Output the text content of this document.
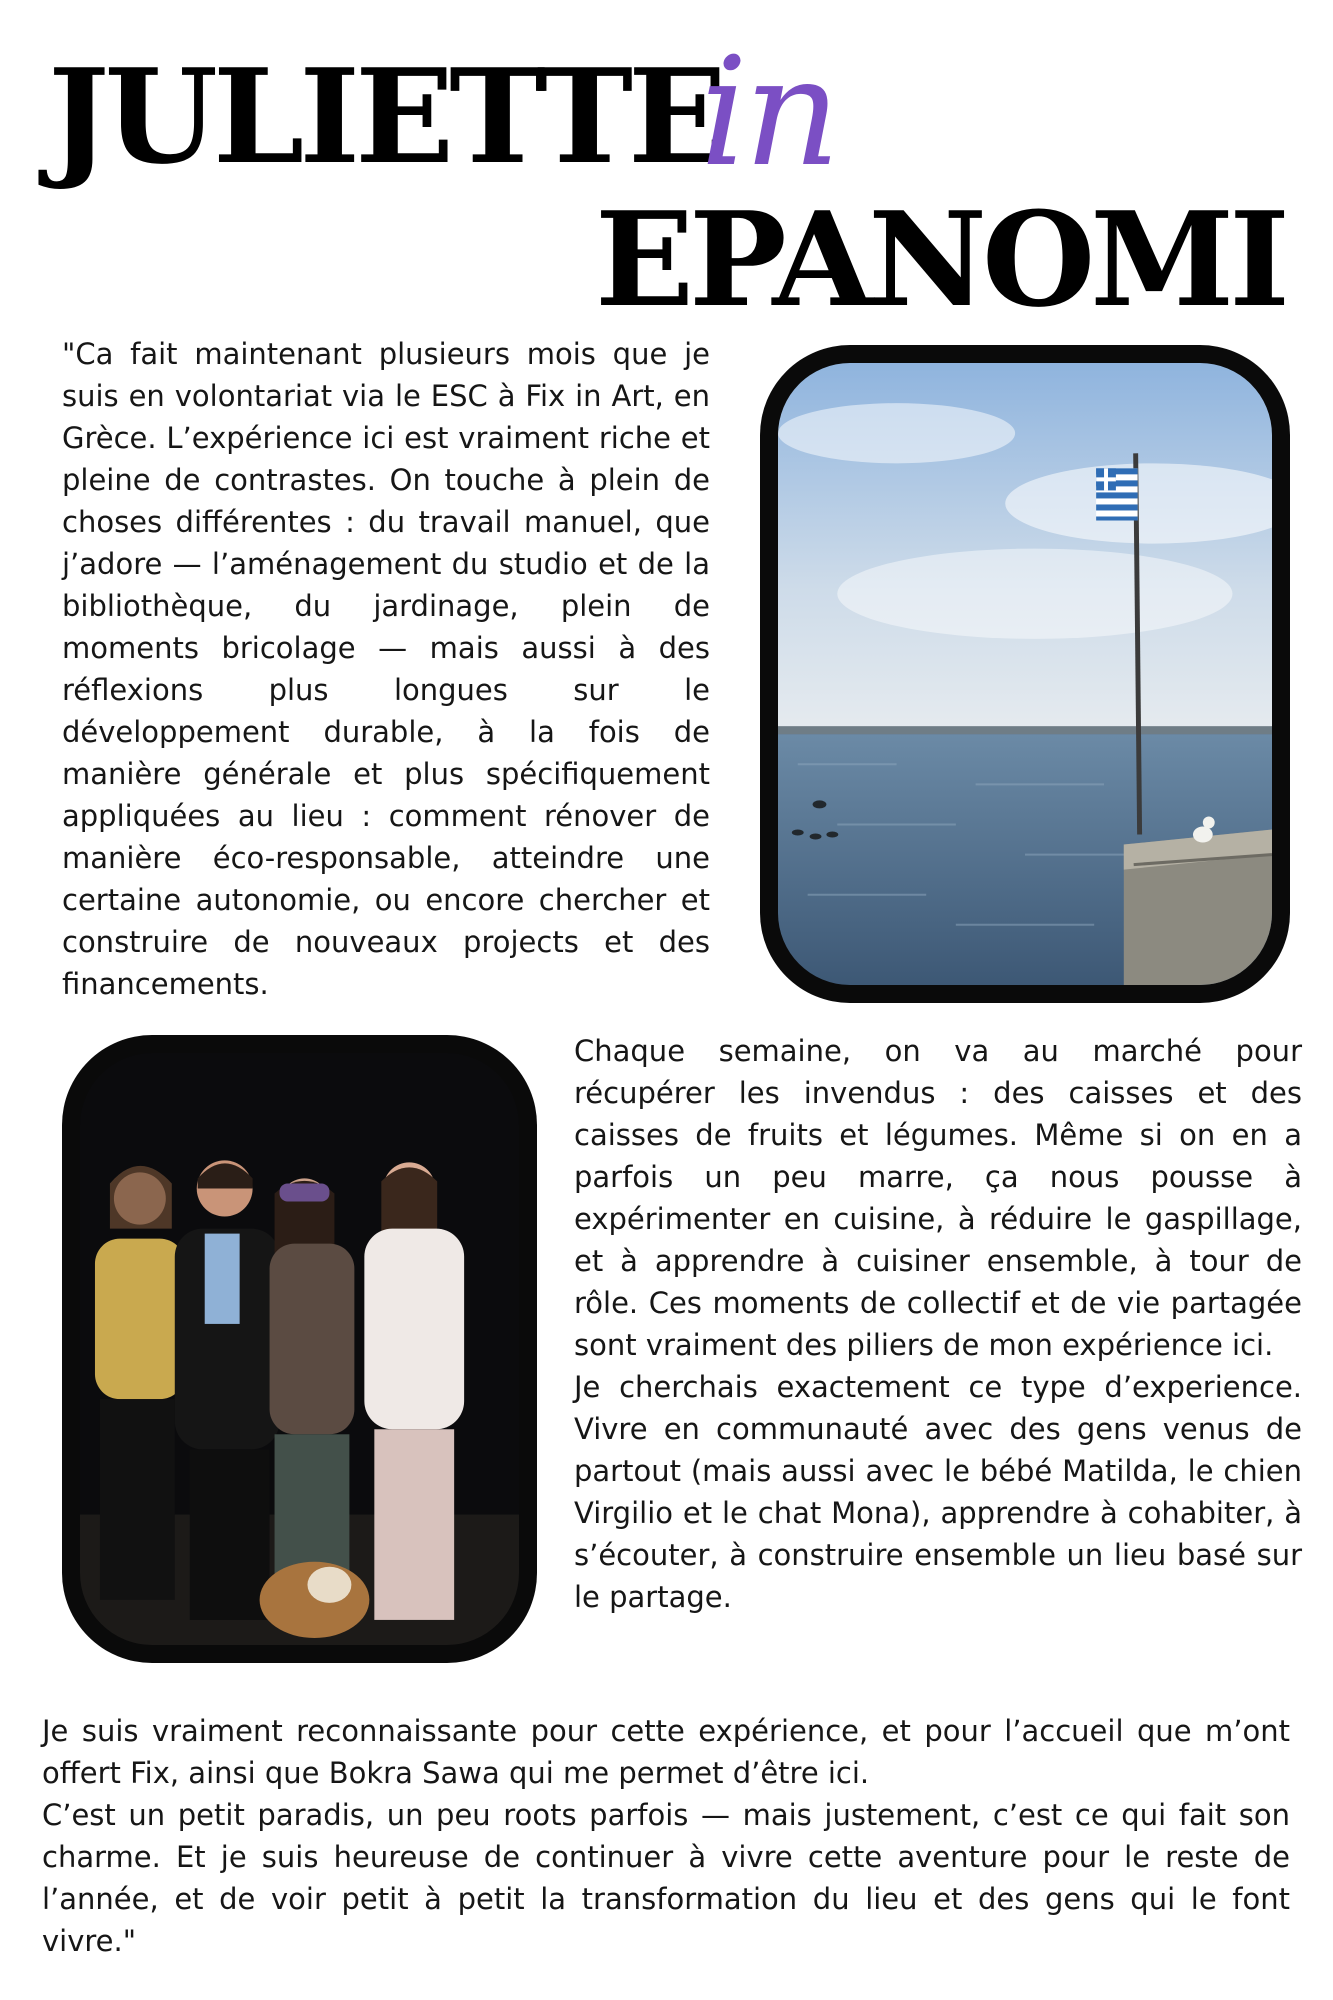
JULIETTE
in
EPANOMI

"Ca fait maintenant plusieurs mois que je suis en volontariat via le ESC à Fix in Art, en Grèce. L’expérience ici est vraiment riche et pleine de contrastes. On touche à plein de choses différentes : du travail manuel, que j’adore — l’aménagement du studio et de la bibliothèque, du jardinage, plein de moments bricolage — mais aussi à des réflexions plus longues sur le développement durable, à la fois de manière générale et plus spécifiquement appliquées au lieu : comment rénover de manière éco-responsable, atteindre une certaine autonomie, ou encore chercher et construire de nouveaux projects et des financements.

Chaque semaine, on va au marché pour récupérer les invendus : des caisses et des caisses de fruits et légumes. Même si on en a parfois un peu marre, ça nous pousse à expérimenter en cuisine, à réduire le gaspillage, et à apprendre à cuisiner ensemble, à tour de rôle. Ces moments de collectif et de vie partagée sont vraiment des piliers de mon expérience ici.
Je cherchais exactement ce type d’experience. Vivre en communauté avec des gens venus de partout (mais aussi avec le bébé Matilda, le chien Virgilio et le chat Mona), apprendre à cohabiter, à s’écouter, à construire ensemble un lieu basé sur le partage.
Je suis vraiment reconnaissante pour cette expérience, et pour l’accueil que m’ont offert Fix, ainsi que Bokra Sawa qui me permet d’être ici.
C’est un petit paradis, un peu roots parfois — mais justement, c’est ce qui fait son charme. Et je suis heureuse de continuer à vivre cette aventure pour le reste de l’année, et de voir petit à petit la transformation du lieu et des gens qui le font vivre."
